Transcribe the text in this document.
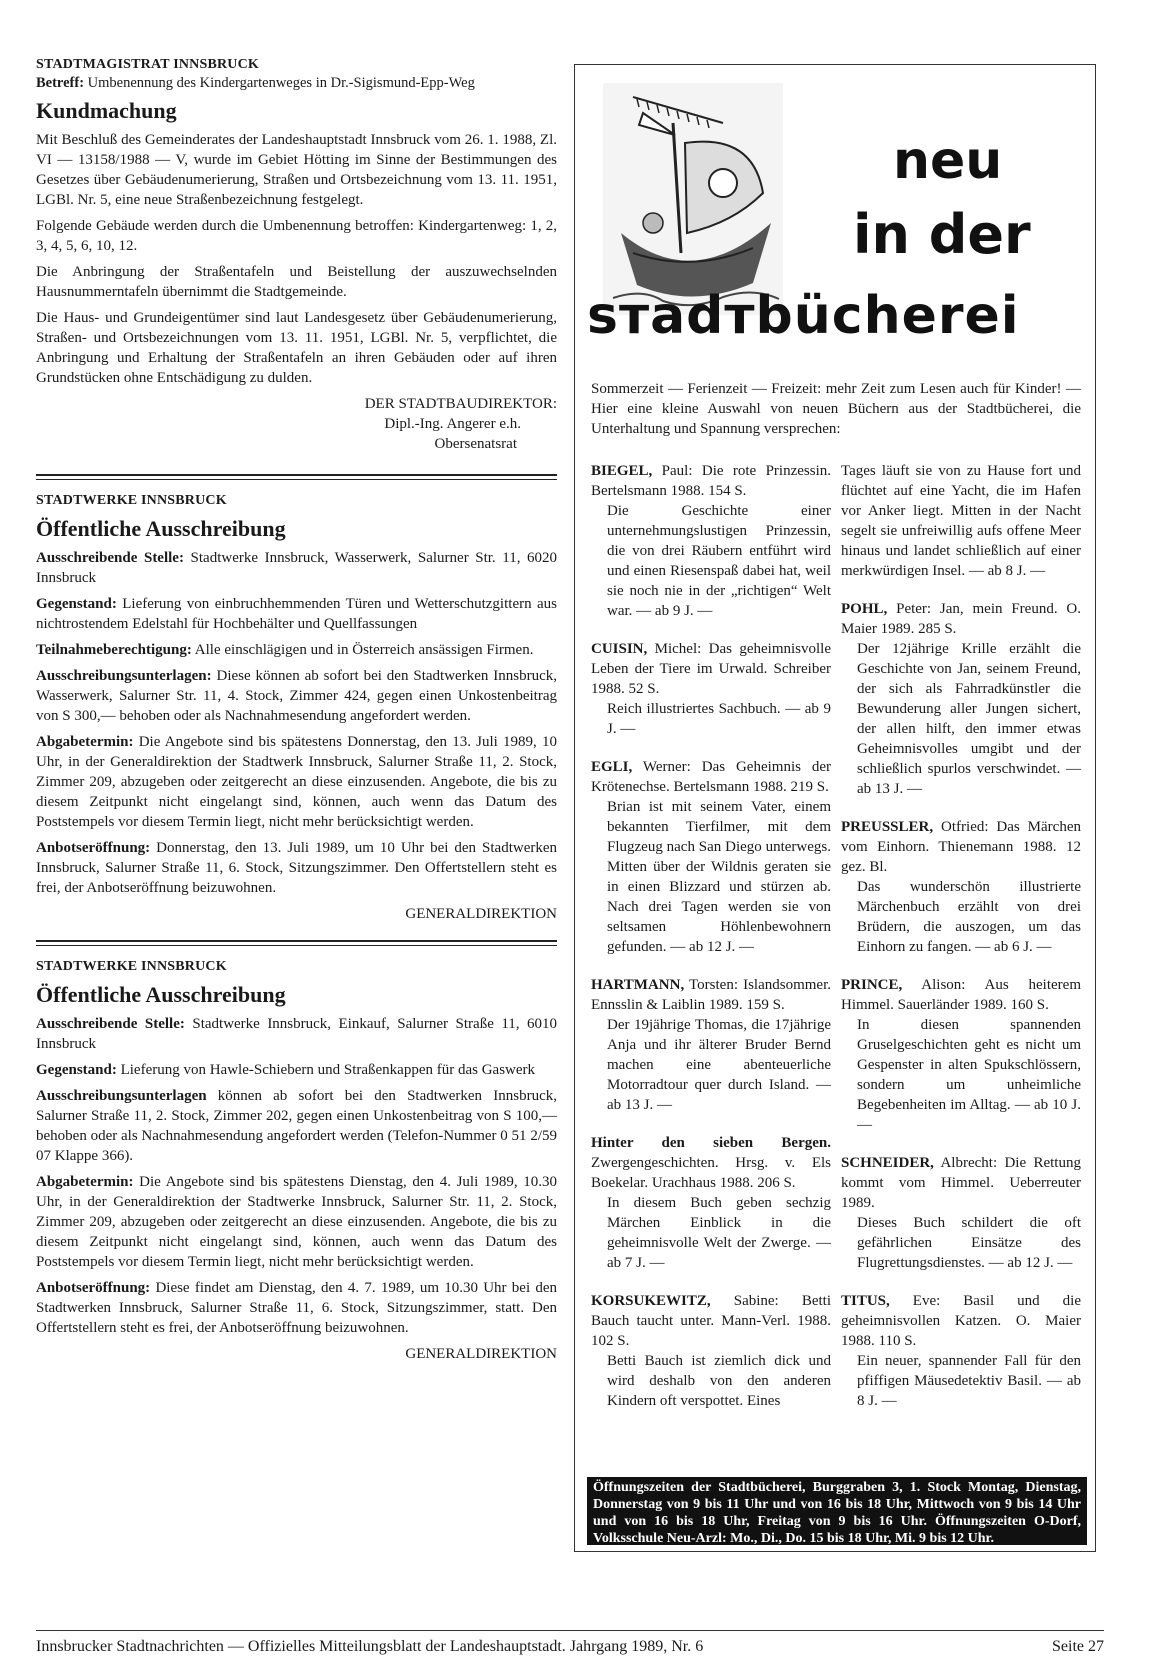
STADTMAGISTRAT INNSBRUCK

Betreff: Umbenennung des Kindergartenweges in Dr.-Sigismund-Epp-Weg

Kundmachung

Mit Beschluß des Gemeinderates der Landeshauptstadt Innsbruck vom 26. 1. 1988, Zl. VI — 13158/1988 — V, wurde im Gebiet Hötting im Sinne der Bestimmungen des Gesetzes über Gebäudenumerierung, Straßen und Ortsbezeichnung vom 13. 11. 1951, LGBl. Nr. 5, eine neue Straßenbezeichnung festgelegt.

Folgende Gebäude werden durch die Umbenennung betroffen: Kindergartenweg: 1, 2, 3, 4, 5, 6, 10, 12.

Die Anbringung der Straßentafeln und Beistellung der auszuwechselnden Hausnummerntafeln übernimmt die Stadtgemeinde.

Die Haus- und Grundeigentümer sind laut Landesgesetz über Gebäudenumerierung, Straßen- und Ortsbezeichnungen vom 13. 11. 1951, LGBl. Nr. 5, verpflichtet, die Anbringung und Erhaltung der Straßentafeln an ihren Gebäuden oder auf ihren Grundstücken ohne Entschädigung zu dulden.

DER STADTBAUDIREKTOR:

Dipl.-Ing. Angerer e.h.

Obersenatsrat

STADTWERKE INNSBRUCK

Öffentliche Ausschreibung

Ausschreibende Stelle: Stadtwerke Innsbruck, Wasserwerk, Salurner Str. 11, 6020 Innsbruck

Gegenstand: Lieferung von einbruchhemmenden Türen und Wetterschutzgittern aus nichtrostendem Edelstahl für Hochbehälter und Quellfassungen

Teilnahmeberechtigung: Alle einschlägigen und in Österreich ansässigen Firmen.

Ausschreibungsunterlagen: Diese können ab sofort bei den Stadtwerken Innsbruck, Wasserwerk, Salurner Str. 11, 4. Stock, Zimmer 424, gegen einen Unkostenbeitrag von S 300,— behoben oder als Nachnahmesendung angefordert werden.

Abgabetermin: Die Angebote sind bis spätestens Donnerstag, den 13. Juli 1989, 10 Uhr, in der Generaldirektion der Stadtwerk Innsbruck, Salurner Straße 11, 2. Stock, Zimmer 209, abzugeben oder zeitgerecht an diese einzusenden. Angebote, die bis zu diesem Zeitpunkt nicht eingelangt sind, können, auch wenn das Datum des Poststempels vor diesem Termin liegt, nicht mehr berücksichtigt werden.

Anbotseröffnung: Donnerstag, den 13. Juli 1989, um 10 Uhr bei den Stadtwerken Innsbruck, Salurner Straße 11, 6. Stock, Sitzungszimmer. Den Offertstellern steht es frei, der Anbotseröffnung beizuwohnen.

GENERALDIREKTION

STADTWERKE INNSBRUCK

Öffentliche Ausschreibung

Ausschreibende Stelle: Stadtwerke Innsbruck, Einkauf, Salurner Straße 11, 6010 Innsbruck

Gegenstand: Lieferung von Hawle-Schiebern und Straßenkappen für das Gaswerk

Ausschreibungsunterlagen können ab sofort bei den Stadtwerken Innsbruck, Salurner Straße 11, 2. Stock, Zimmer 202, gegen einen Unkostenbeitrag von S 100,— behoben oder als Nachnahmesendung angefordert werden (Telefon-Nummer 0 51 2/59 07 Klappe 366).

Abgabetermin: Die Angebote sind bis spätestens Dienstag, den 4. Juli 1989, 10.30 Uhr, in der Generaldirektion der Stadtwerke Innsbruck, Salurner Str. 11, 2. Stock, Zimmer 209, abzugeben oder zeitgerecht an diese einzusenden. Angebote, die bis zu diesem Zeitpunkt nicht eingelangt sind, können, auch wenn das Datum des Poststempels vor diesem Termin liegt, nicht mehr berücksichtigt werden.

Anbotseröffnung: Diese findet am Dienstag, den 4. 7. 1989, um 10.30 Uhr bei den Stadtwerken Innsbruck, Salurner Straße 11, 6. Stock, Sitzungszimmer, statt. Den Offertstellern steht es frei, der Anbotseröffnung beizuwohnen.

GENERALDIREKTION

neu
in der
sтadтbücherei

Sommerzeit — Ferienzeit — Freizeit: mehr Zeit zum Lesen auch für Kinder! — Hier eine kleine Auswahl von neuen Büchern aus der Stadtbücherei, die Unterhaltung und Spannung versprechen:

BIEGEL, Paul: Die rote Prinzessin. Bertelsmann 1988. 154 S.

Die Geschichte einer unternehmungslustigen Prinzessin, die von drei Räubern entführt wird und einen Riesenspaß dabei hat, weil sie noch nie in der „richtigen“ Welt war. — ab 9 J. —

CUISIN, Michel: Das geheimnisvolle Leben der Tiere im Urwald. Schreiber 1988. 52 S.

Reich illustriertes Sachbuch. — ab 9 J. —

EGLI, Werner: Das Geheimnis der Krötenechse. Bertelsmann 1988. 219 S.

Brian ist mit seinem Vater, einem bekannten Tierfilmer, mit dem Flugzeug nach San Diego unterwegs. Mitten über der Wildnis geraten sie in einen Blizzard und stürzen ab. Nach drei Tagen werden sie von seltsamen Höhlenbewohnern gefunden. — ab 12 J. —

HARTMANN, Torsten: Islandsommer. Ennsslin & Laiblin 1989. 159 S.

Der 19jährige Thomas, die 17jährige Anja und ihr älterer Bruder Bernd machen eine abenteuerliche Motorradtour quer durch Island. — ab 13 J. —

Hinter den sieben Bergen. Zwergengeschichten. Hrsg. v. Els Boekelar. Urachhaus 1988. 206 S.

In diesem Buch geben sechzig Märchen Einblick in die geheimnisvolle Welt der Zwerge. — ab 7 J. —

KORSUKEWITZ, Sabine: Betti Bauch taucht unter. Mann-Verl. 1988. 102 S.

Betti Bauch ist ziemlich dick und wird deshalb von den anderen Kindern oft verspottet. Eines

Tages läuft sie von zu Hause fort und flüchtet auf eine Yacht, die im Hafen vor Anker liegt. Mitten in der Nacht segelt sie unfreiwillig aufs offene Meer hinaus und landet schließlich auf einer merkwürdigen Insel. — ab 8 J. —

POHL, Peter: Jan, mein Freund. O. Maier 1989. 285 S.

Der 12jährige Krille erzählt die Geschichte von Jan, seinem Freund, der sich als Fahrradkünstler die Bewunderung aller Jungen sichert, der allen hilft, den immer etwas Geheimnisvolles umgibt und der schließlich spurlos verschwindet. — ab 13 J. —

PREUSSLER, Otfried: Das Märchen vom Einhorn. Thienemann 1988. 12 gez. Bl.

Das wunderschön illustrierte Märchenbuch erzählt von drei Brüdern, die auszogen, um das Einhorn zu fangen. — ab 6 J. —

PRINCE, Alison: Aus heiterem Himmel. Sauerländer 1989. 160 S.

In diesen spannenden Gruselgeschichten geht es nicht um Gespenster in alten Spukschlössern, sondern um unheimliche Begebenheiten im Alltag. — ab 10 J. —

SCHNEIDER, Albrecht: Die Rettung kommt vom Himmel. Ueberreuter 1989.

Dieses Buch schildert die oft gefährlichen Einsätze des Flugrettungsdienstes. — ab 12 J. —

TITUS, Eve: Basil und die geheimnisvollen Katzen. O. Maier 1988. 110 S.

Ein neuer, spannender Fall für den pfiffigen Mäusedetektiv Basil. — ab 8 J. —

Öffnungszeiten der Stadtbücherei, Burggraben 3, 1. Stock Montag, Dienstag, Donnerstag von 9 bis 11 Uhr und von 16 bis 18 Uhr, Mittwoch von 9 bis 14 Uhr und von 16 bis 18 Uhr, Freitag von 9 bis 16 Uhr. Öffnungszeiten O-Dorf, Volksschule Neu-Arzl: Mo., Di., Do. 15 bis 18 Uhr, Mi. 9 bis 12 Uhr.
Innsbrucker Stadtnachrichten — Offizielles Mitteilungsblatt der Landeshauptstadt. Jahrgang 1989, Nr. 6	Seite 27
